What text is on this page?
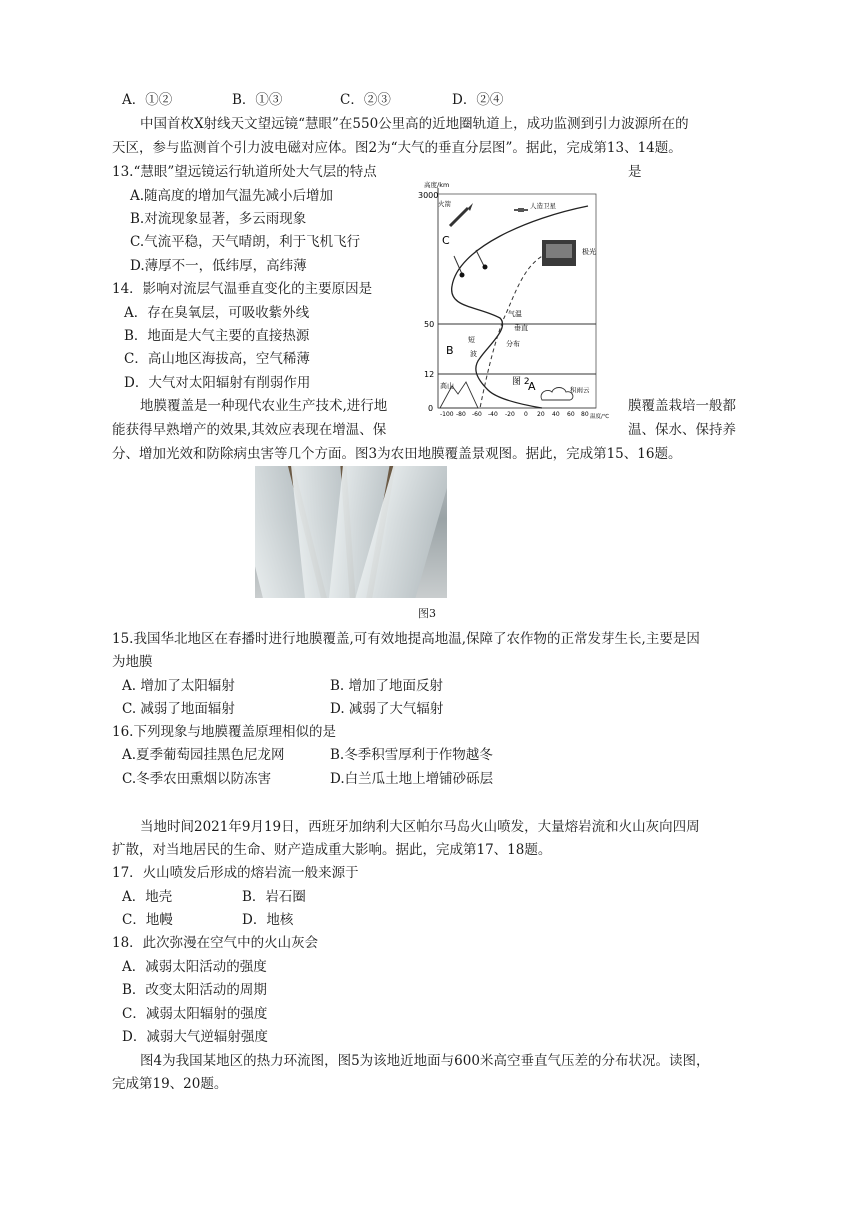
A．①②	B．①③	C．②③	D．②④
中国首枚X射线天文望远镜“慧眼”在550公里高的近地圈轨道上，成功监测到引力波源所在的
天区，参与监测首个引力波电磁对应体。图2为“大气的垂直分层图”。据此，完成第13、14题。
13.“慧眼”望远镜运行轨道所处大气层的特点	是
A.随高度的增加气温先减小后增加
B.对流现象显著，多云雨现象
C.气流平稳，天气晴朗，利于飞机飞行
D.薄厚不一，低纬厚，高纬薄
14．影响对流层气温垂直变化的主要原因是
A．存在臭氧层，可吸收紫外线
B．地面是大气主要的直接热源
C．高山地区海拔高，空气稀薄
D．大气对太阳辐射有削弱作用
3000
50
12
0
高度/km
-100 -80 -60 -40 -20 0 20 40 60 80 温度/℃
C
B
A
火箭	人造卫星
极光
气温
垂直
分布
短
波
图 2
高山	积雨云
地膜覆盖是一种现代农业生产技术,进行地	膜覆盖栽培一般都
能获得早熟增产的效果,其效应表现在增温、保	温、保水、保持养
分、增加光效和防除病虫害等几个方面。图3为农田地膜覆盖景观图。据此，完成第15、16题。
图3
15.我国华北地区在春播时进行地膜覆盖,可有效地提高地温,保障了农作物的正常发芽生长,主要是因
为地膜
A. 增加了太阳辐射	B. 增加了地面反射
C. 减弱了地面辐射	D. 减弱了大气辐射
16.下列现象与地膜覆盖原理相似的是
A.夏季葡萄园挂黑色尼龙网	B.冬季积雪厚利于作物越冬
C.冬季农田熏烟以防冻害	D.白兰瓜土地上增铺砂砾层
当地时间2021年9月19日，西班牙加纳利大区帕尔马岛火山喷发，大量熔岩流和火山灰向四周
扩散，对当地居民的生命、财产造成重大影响。据此，完成第17、18题。
17．火山喷发后形成的熔岩流一般来源于
A．地壳	B．岩石圈
C．地幔	D．地核
18．此次弥漫在空气中的火山灰会
A．减弱太阳活动的强度
B．改变太阳活动的周期
C．减弱太阳辐射的强度
D．减弱大气逆辐射强度
图4为我国某地区的热力环流图，图5为该地近地面与600米高空垂直气压差的分布状况。读图，
完成第19、20题。
